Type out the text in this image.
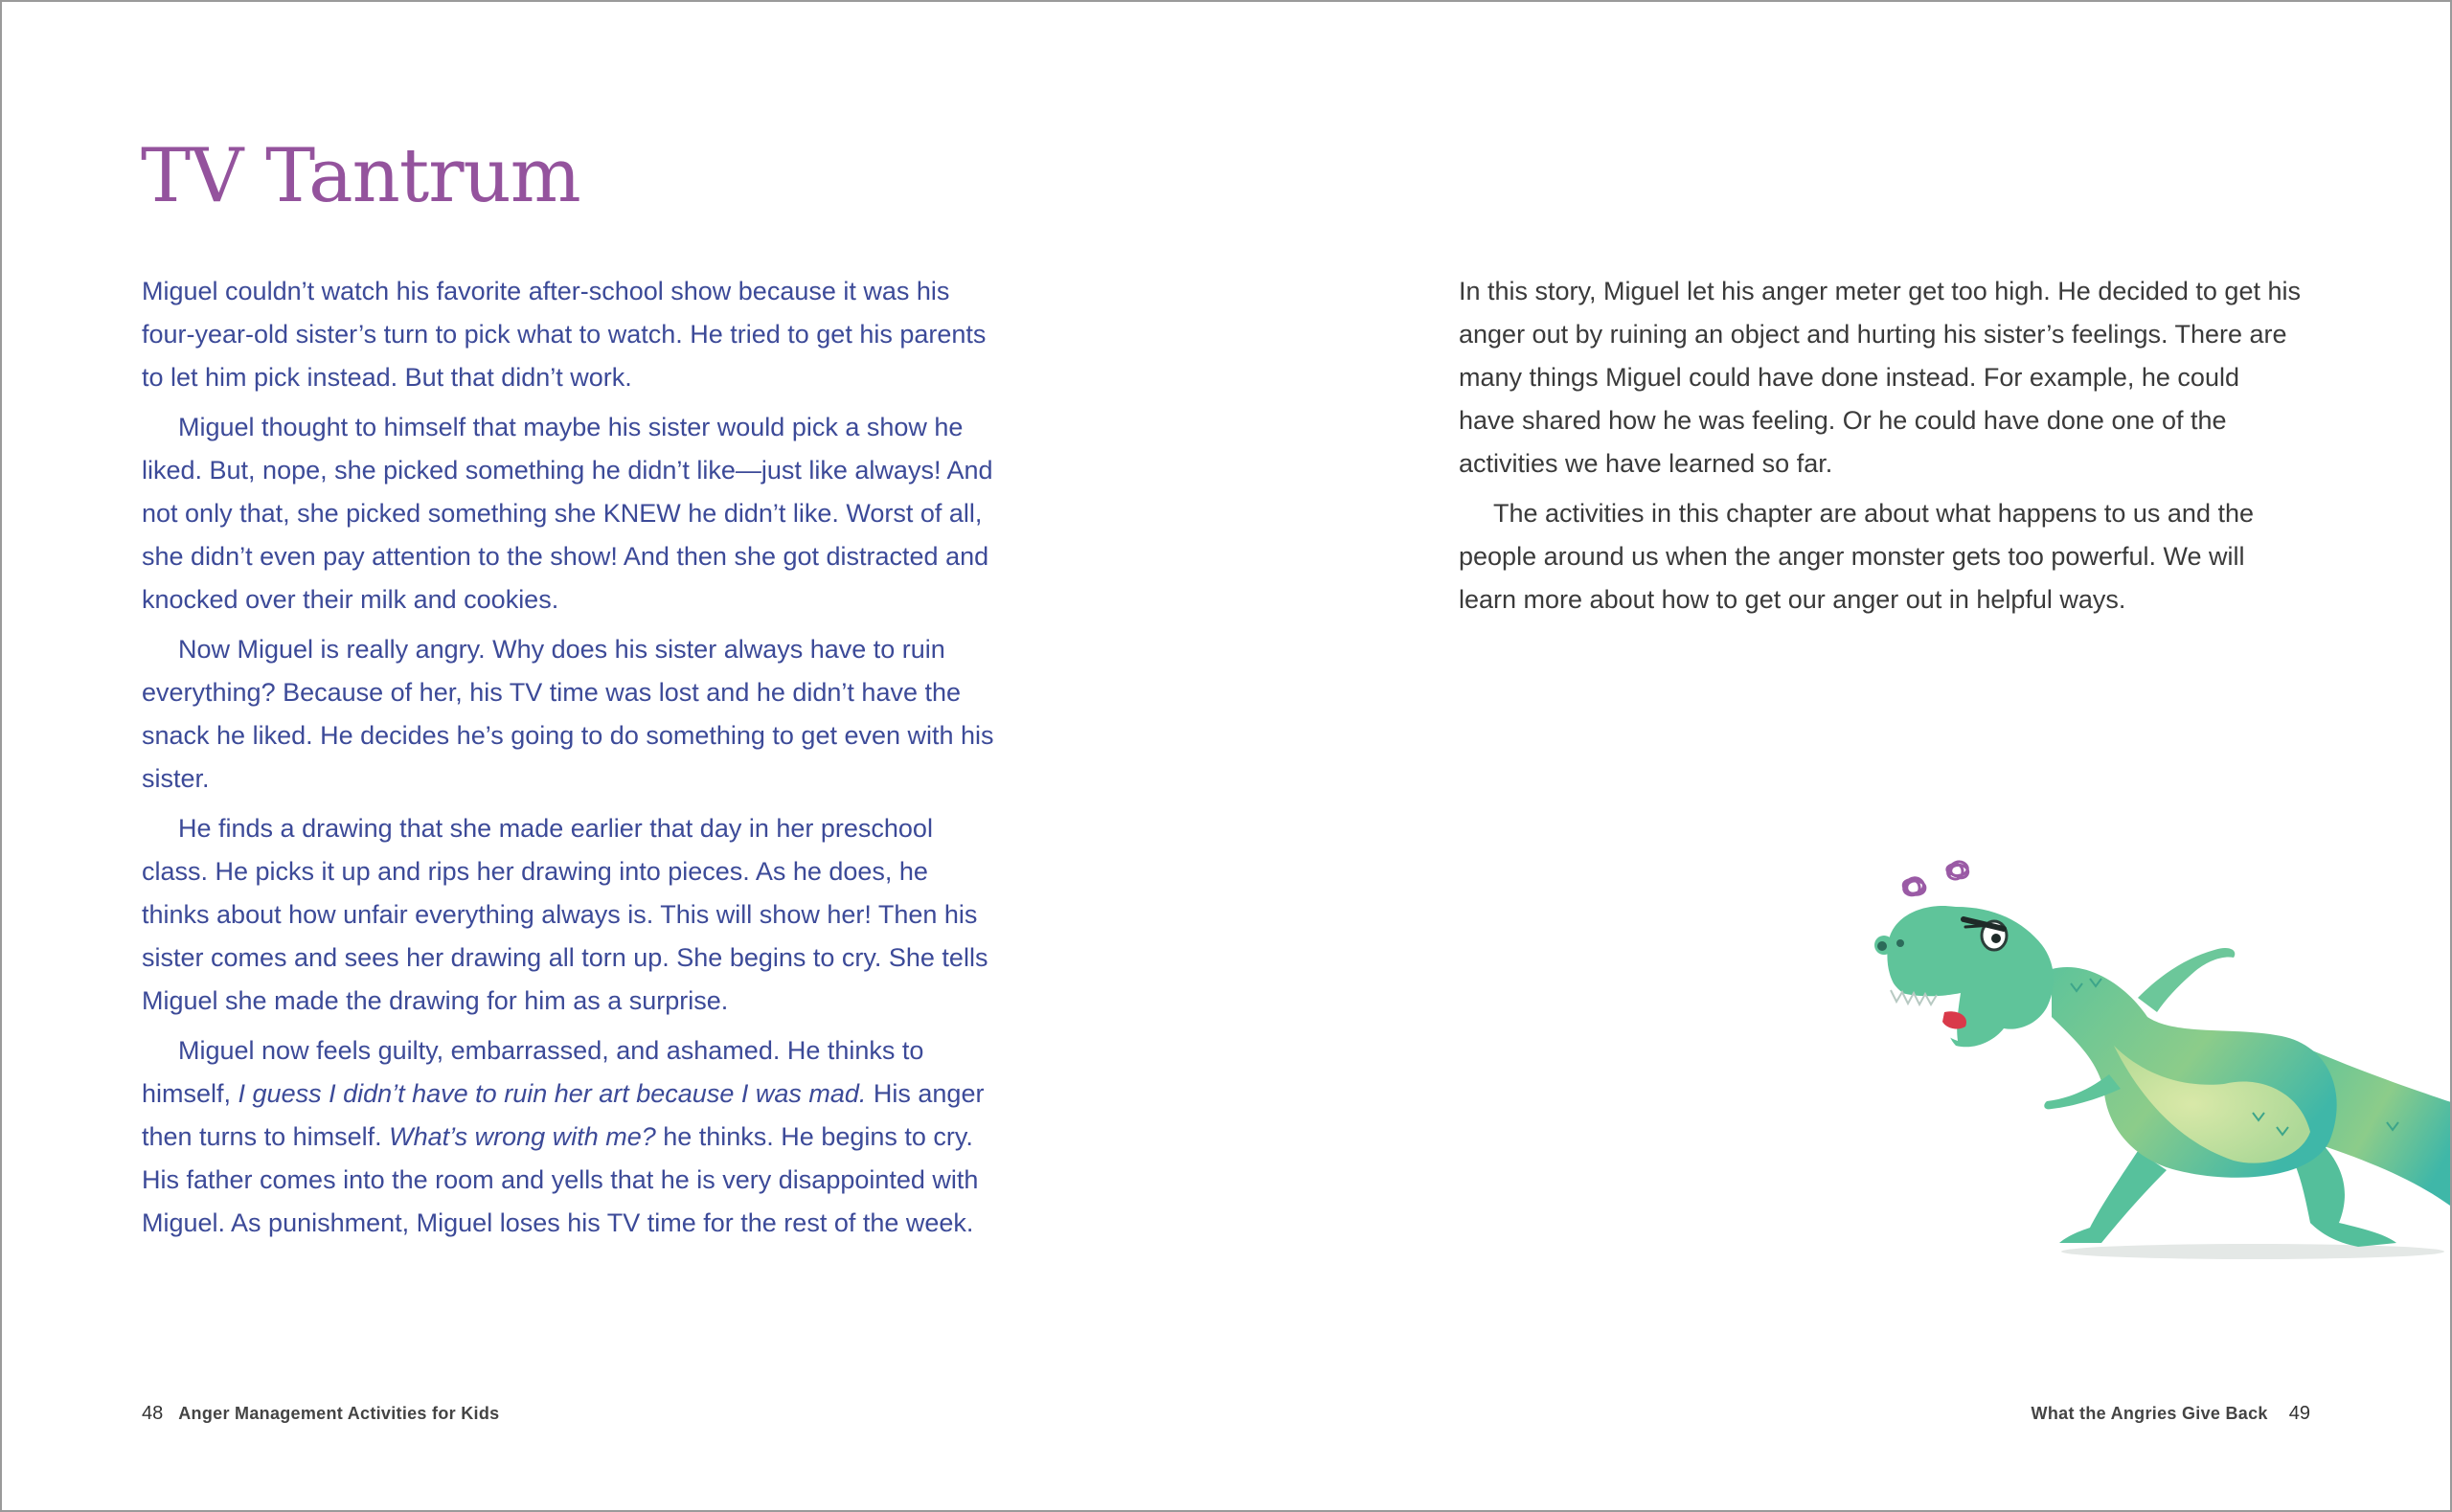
TV Tantrum

Miguel couldn’t watch his favorite after-school show because it was his four-year-old sister’s turn to pick what to watch. He tried to get his parents to let him pick instead. But that didn’t work.

Miguel thought to himself that maybe his sister would pick a show he liked. But, nope, she picked something he didn’t like—just like always! And not only that, she picked something she KNEW he didn’t like. Worst of all, she didn’t even pay attention to the show! And then she got distracted and knocked over their milk and cookies.

Now Miguel is really angry. Why does his sister always have to ruin everything? Because of her, his TV time was lost and he didn’t have the snack he liked. He decides he’s going to do something to get even with his sister.

He finds a drawing that she made earlier that day in her preschool class. He picks it up and rips her drawing into pieces. As he does, he thinks about how unfair everything always is. This will show her! Then his sister comes and sees her drawing all torn up. She begins to cry. She tells Miguel she made the drawing for him as a surprise.

Miguel now feels guilty, embarrassed, and ashamed. He thinks to himself, I guess I didn’t have to ruin her art because I was mad. His anger then turns to himself. What’s wrong with me? he thinks. He begins to cry. His father comes into the room and yells that he is very disappointed with Miguel. As punishment, Miguel loses his TV time for the rest of the week.

In this story, Miguel let his anger meter get too high. He decided to get his anger out by ruining an object and hurting his sister’s feelings. There are many things Miguel could have done instead. For example, he could have shared how he was feeling. Or he could have done one of the activities we have learned so far.

The activities in this chapter are about what happens to us and the people around us when the anger monster gets too powerful. We will learn more about how to get our anger out in helpful ways.

48 Anger Management Activities for Kids	What the Angries Give Back 49
